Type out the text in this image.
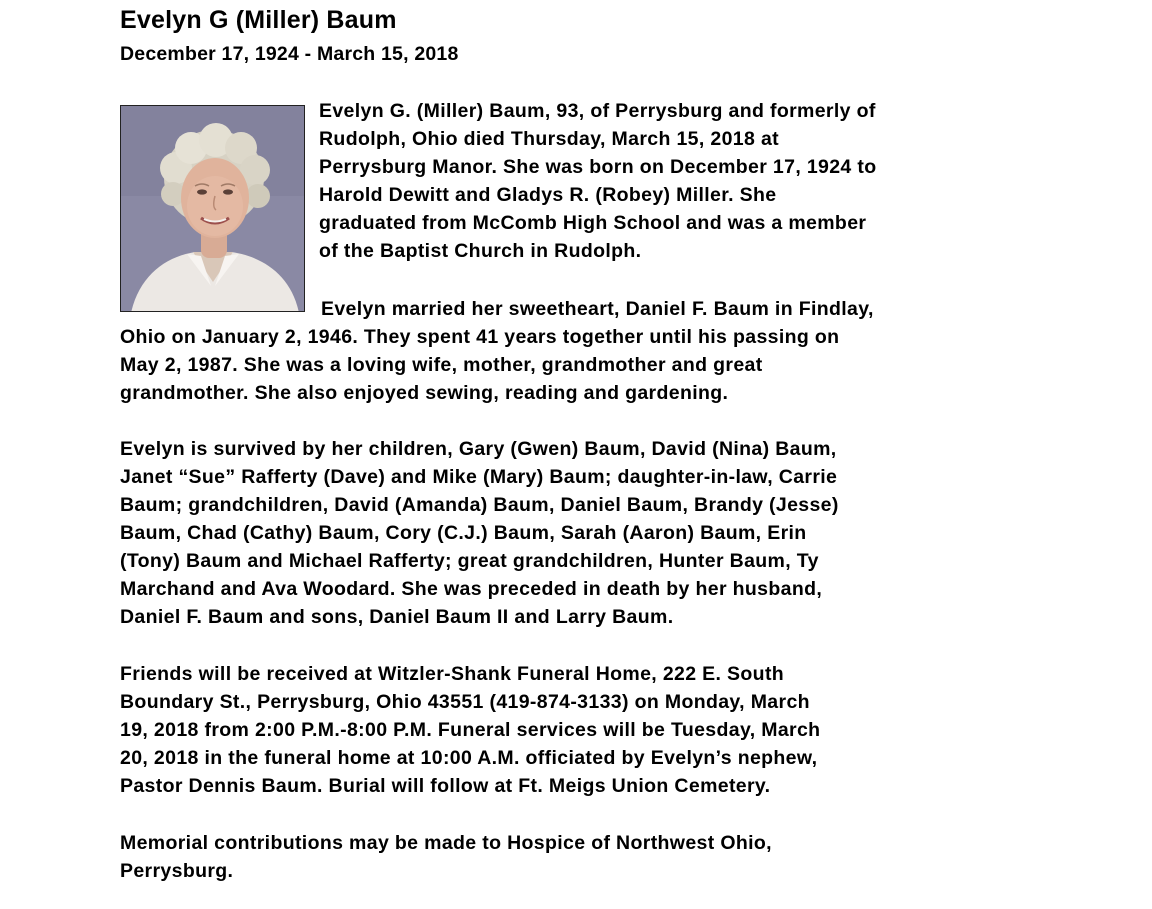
Evelyn G (Miller) Baum
December 17, 1924 - March 15, 2018
Evelyn G. (Miller) Baum, 93, of Perrysburg and formerly of
Rudolph, Ohio died Thursday, March 15, 2018 at
Perrysburg Manor. She was born on December 17, 1924 to
Harold Dewitt and Gladys R. (Robey) Miller. She
graduated from McComb High School and was a member
of the Baptist Church in Rudolph.
Evelyn married her sweetheart, Daniel F. Baum in Findlay,
Ohio on January 2, 1946. They spent 41 years together until his passing on
May 2, 1987. She was a loving wife, mother, grandmother and great
grandmother. She also enjoyed sewing, reading and gardening.
Evelyn is survived by her children, Gary (Gwen) Baum, David (Nina) Baum,
Janet “Sue” Rafferty (Dave) and Mike (Mary) Baum; daughter-in-law, Carrie
Baum; grandchildren, David (Amanda) Baum, Daniel Baum, Brandy (Jesse)
Baum, Chad (Cathy) Baum, Cory (C.J.) Baum, Sarah (Aaron) Baum, Erin
(Tony) Baum and Michael Rafferty; great grandchildren, Hunter Baum, Ty
Marchand and Ava Woodard. She was preceded in death by her husband,
Daniel F. Baum and sons, Daniel Baum II and Larry Baum.
Friends will be received at Witzler-Shank Funeral Home, 222 E. South
Boundary St., Perrysburg, Ohio 43551 (419-874-3133) on Monday, March
19, 2018 from 2:00 P.M.-8:00 P.M. Funeral services will be Tuesday, March
20, 2018 in the funeral home at 10:00 A.M. officiated by Evelyn’s nephew,
Pastor Dennis Baum. Burial will follow at Ft. Meigs Union Cemetery.
Memorial contributions may be made to Hospice of Northwest Ohio,
Perrysburg.
